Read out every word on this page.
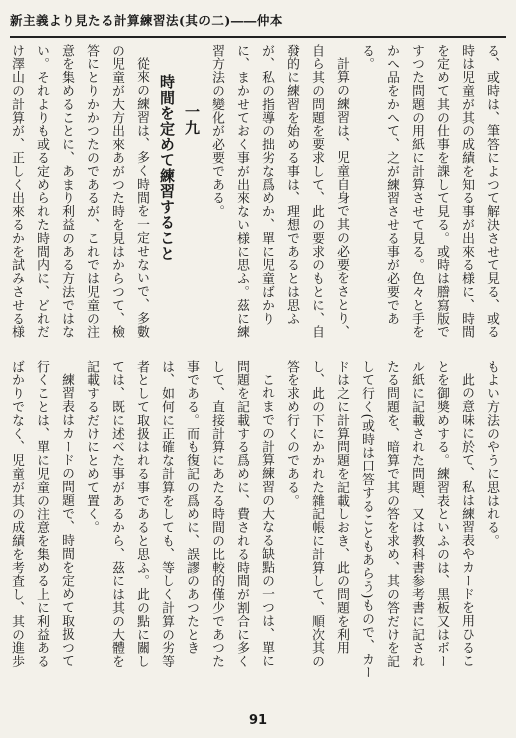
新主義より見たる計算練習法(其の二)――仲本

る、或時は、筆答によつて解決させて見る、或る時は児童が其の成績を知る事が出來る様に、時間を定めて其の仕事を課して見る。或時は謄寫版ですつた問題の用紙に計算させて見る。色々と手をかへ品をかへて、之が練習させる事が必要である。

計算の練習は、児童自身で其の必要をさとり、自ら其の問題を要求して、此の要求のもとに、自發的に練習を始める事は、理想であるとは思ふが、私の指導の拙劣な爲めか、單に児童ばかりに、まかせておく事が出來ない様に思ふ。茲に練習方法の變化が必要である。

一九

時間を定めて練習すること

從來の練習は、多く時間を一定せないで、多數の児童が大方出來あがつた時を見はからつて、檢答にとりかかつたのであるが、これでは児童の注意を集めることに、あまり利益のある方法ではない。それよりも或る定められた時間内に、どれだけ澤山の計算が、正しく出來るかを試みさせる様

もよい方法のやうに思はれる。

此の意味に於て、私は練習表やカードを用ひることを御奬めする。練習表といふのは、黒板又はボール紙に記載された問題、又は教科書参考書に記されたる問題を、暗算で其の答を求め、其の答だけを記して行く(或時は口答することもあらう)もので、カードは之に計算問題を記載しおき、此の問題を利用し、此の下にかかれた雜記帳に計算して、順次其の答を求め行くのである。

これまでの計算練習の大なる缺點の一つは、單に問題を記載する爲めに、費される時間が割合に多くして、直接計算にあたる時間の比較的僅少であつた事である。而も復記の爲めに、誤謬のあつたときは、如何に正確な計算をしても、等しく計算の劣等者として取扱はれる事であると思ふ。此の點に關しては、既に述べた事があるから、茲には其の大體を記載するだけにとめて置く。

練習表はカードの問題で、時間を定めて取扱つて行くことは、單に児童の注意を集める上に利益あるばかりでなく、児童が其の成績を考査し、其の進歩

91
